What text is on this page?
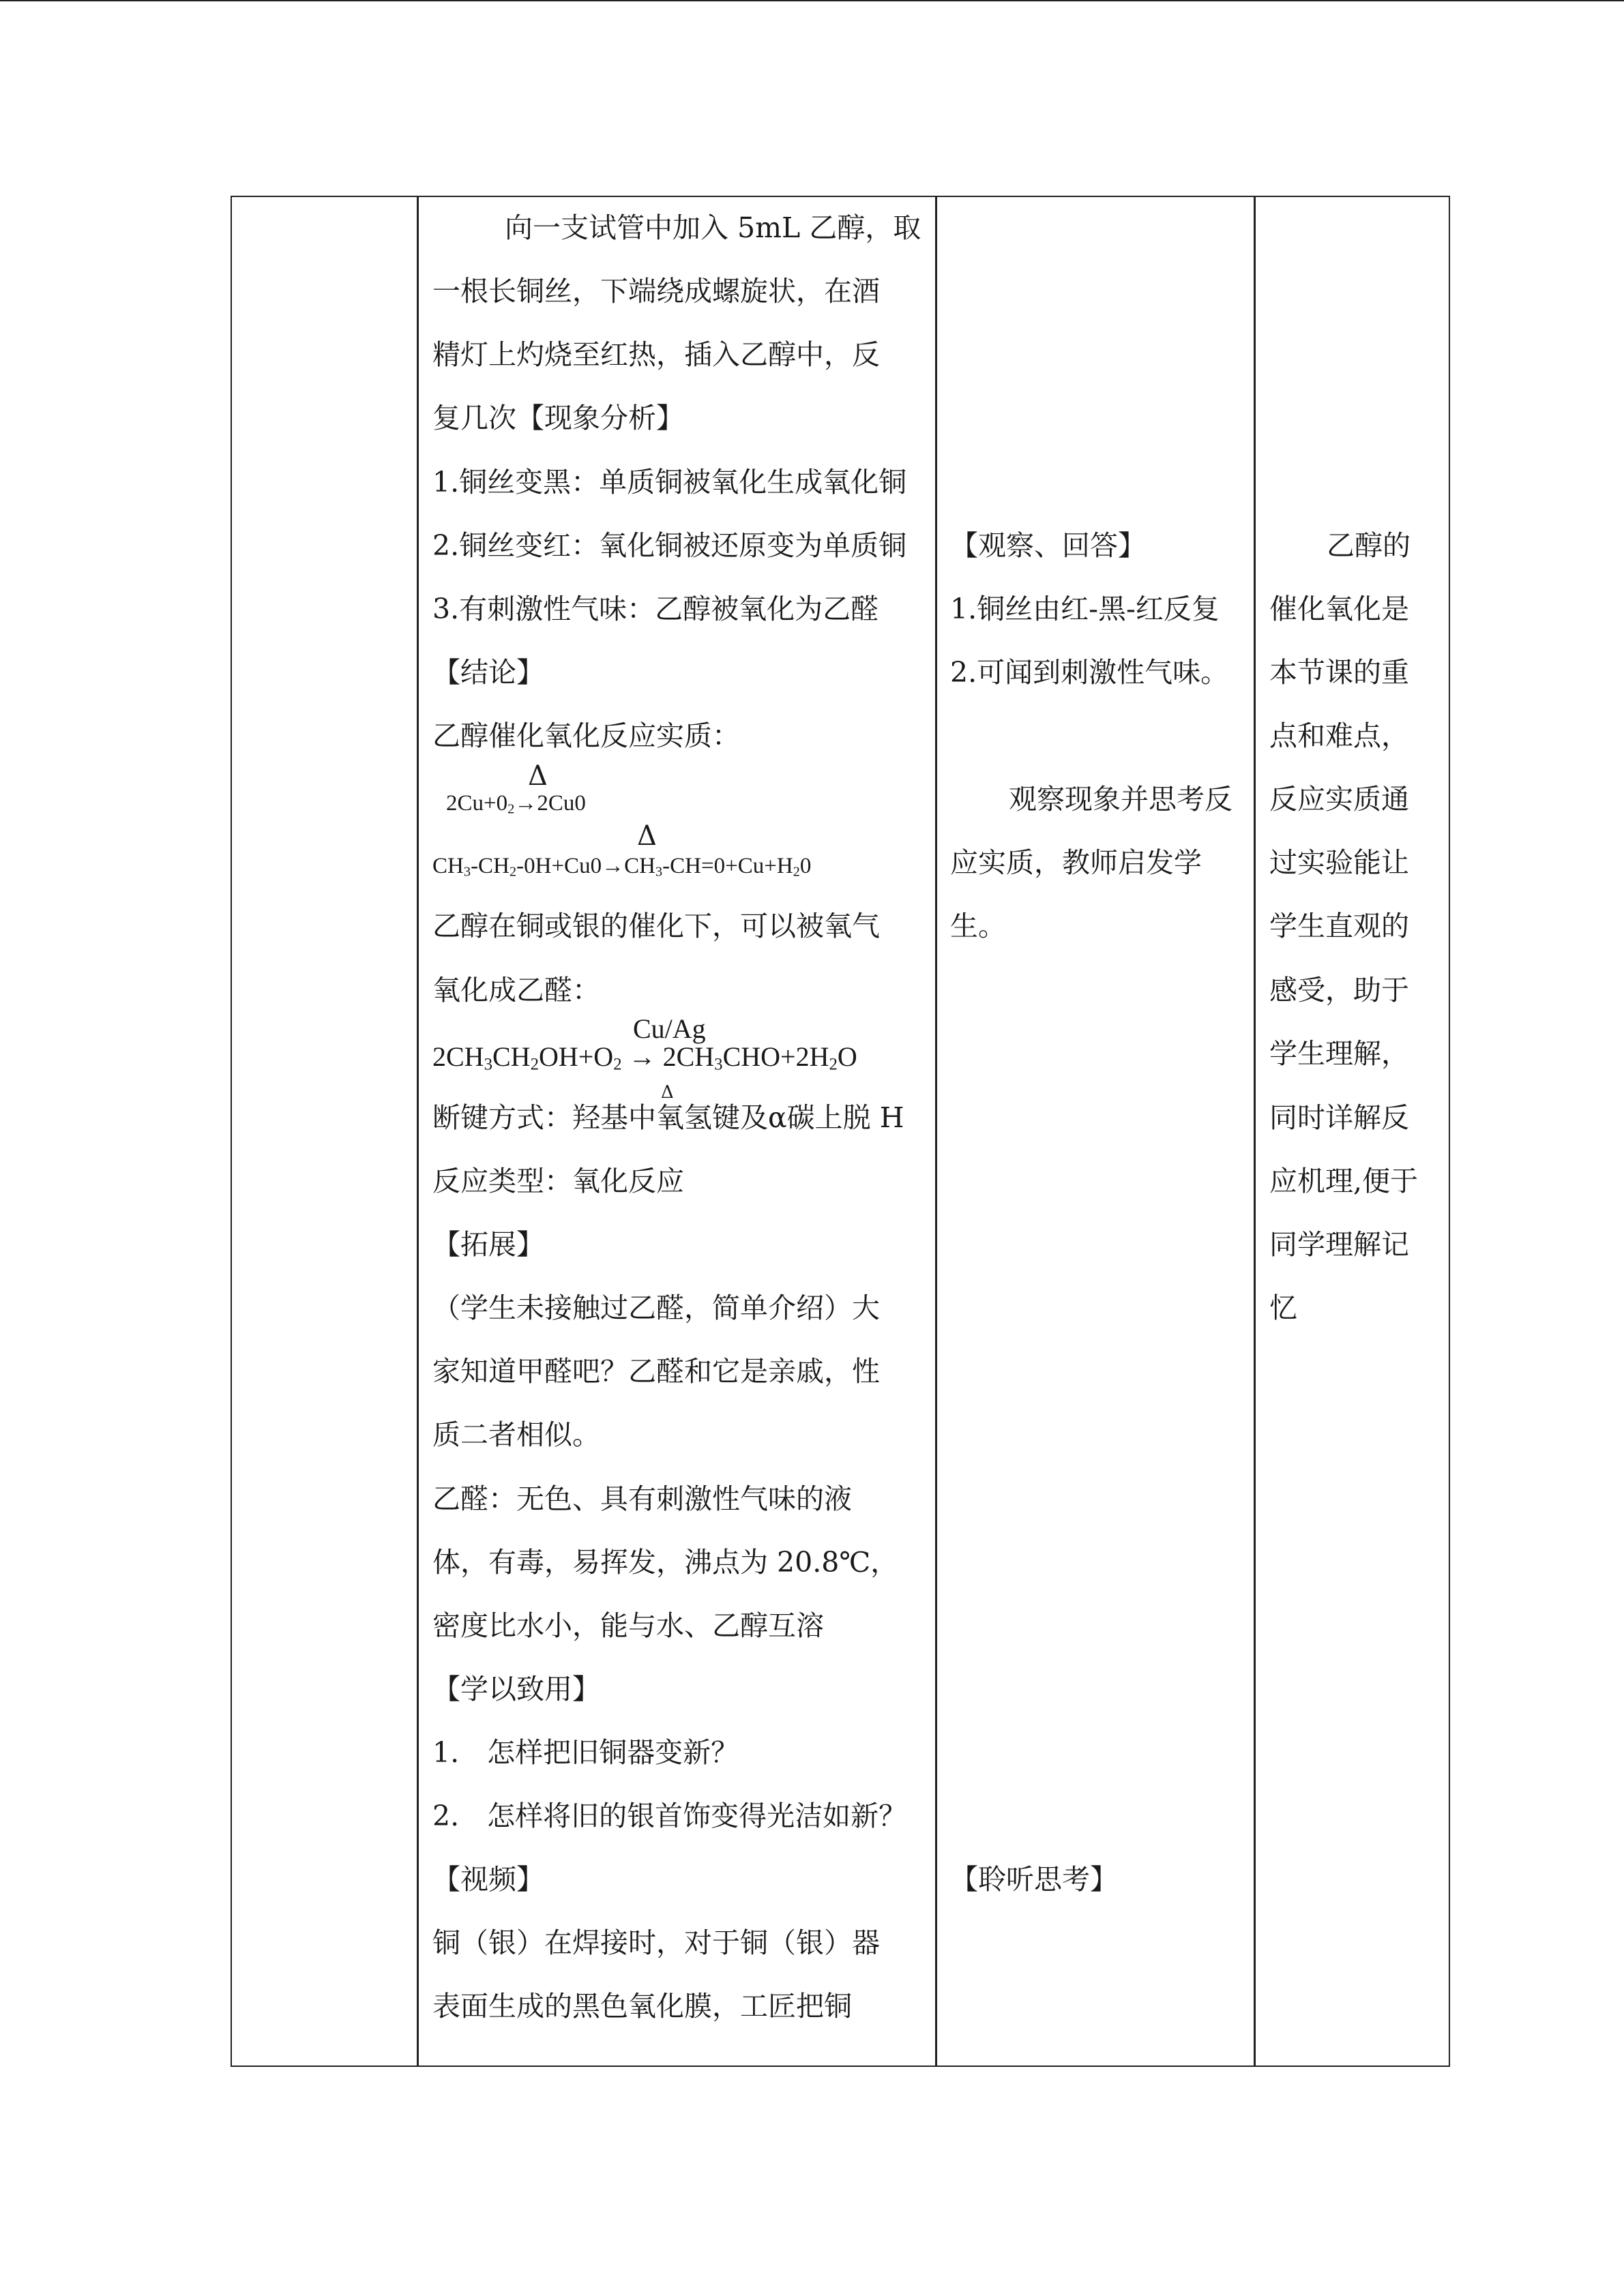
向一支试管中加入 5mL 乙醇，取
一根长铜丝，下端绕成螺旋状，在酒
精灯上灼烧至红热，插入乙醇中，反
复几次【现象分析】
1.铜丝变黑：单质铜被氧化生成氧化铜
2.铜丝变红：氧化铜被还原变为单质铜
3.有刺激性气味：乙醇被氧化为乙醛
【结论】
乙醇催化氧化反应实质：
Δ
$2Cu+0_2\to 2Cu0$
Δ
$CH_3-CH_2-0H+Cu0\to CH_3-CH=0+Cu+H_20$
乙醇在铜或银的催化下，可以被氧气
氧化成乙醛：
Cu/Ag
$2CH_3CH_2OH+O_2 \to 2CH_3CHO+2H_2O$
Δ
断键方式：羟基中氧氢键及α碳上脱 H
反应类型：氧化反应
【拓展】
（学生未接触过乙醛，简单介绍）大
家知道甲醛吧？乙醛和它是亲戚，性
质二者相似。
乙醛：无色、具有刺激性气味的液
体，有毒，易挥发，沸点为 20.8℃，
密度比水小，能与水、乙醇互溶
【学以致用】
1.　怎样把旧铜器变新？
2.　怎样将旧的银首饰变得光洁如新？
【视频】
铜（银）在焊接时，对于铜（银）器
表面生成的黑色氧化膜，工匠把铜
【观察、回答】
1.铜丝由红-黑-红反复
2.可闻到刺激性气味。
观察现象并思考反
应实质，教师启发学
生。
【聆听思考】
乙醇的
催化氧化是
本节课的重
点和难点，
反应实质通
过实验能让
学生直观的
感受，助于
学生理解，
同时详解反
应机理,便于
同学理解记
忆
